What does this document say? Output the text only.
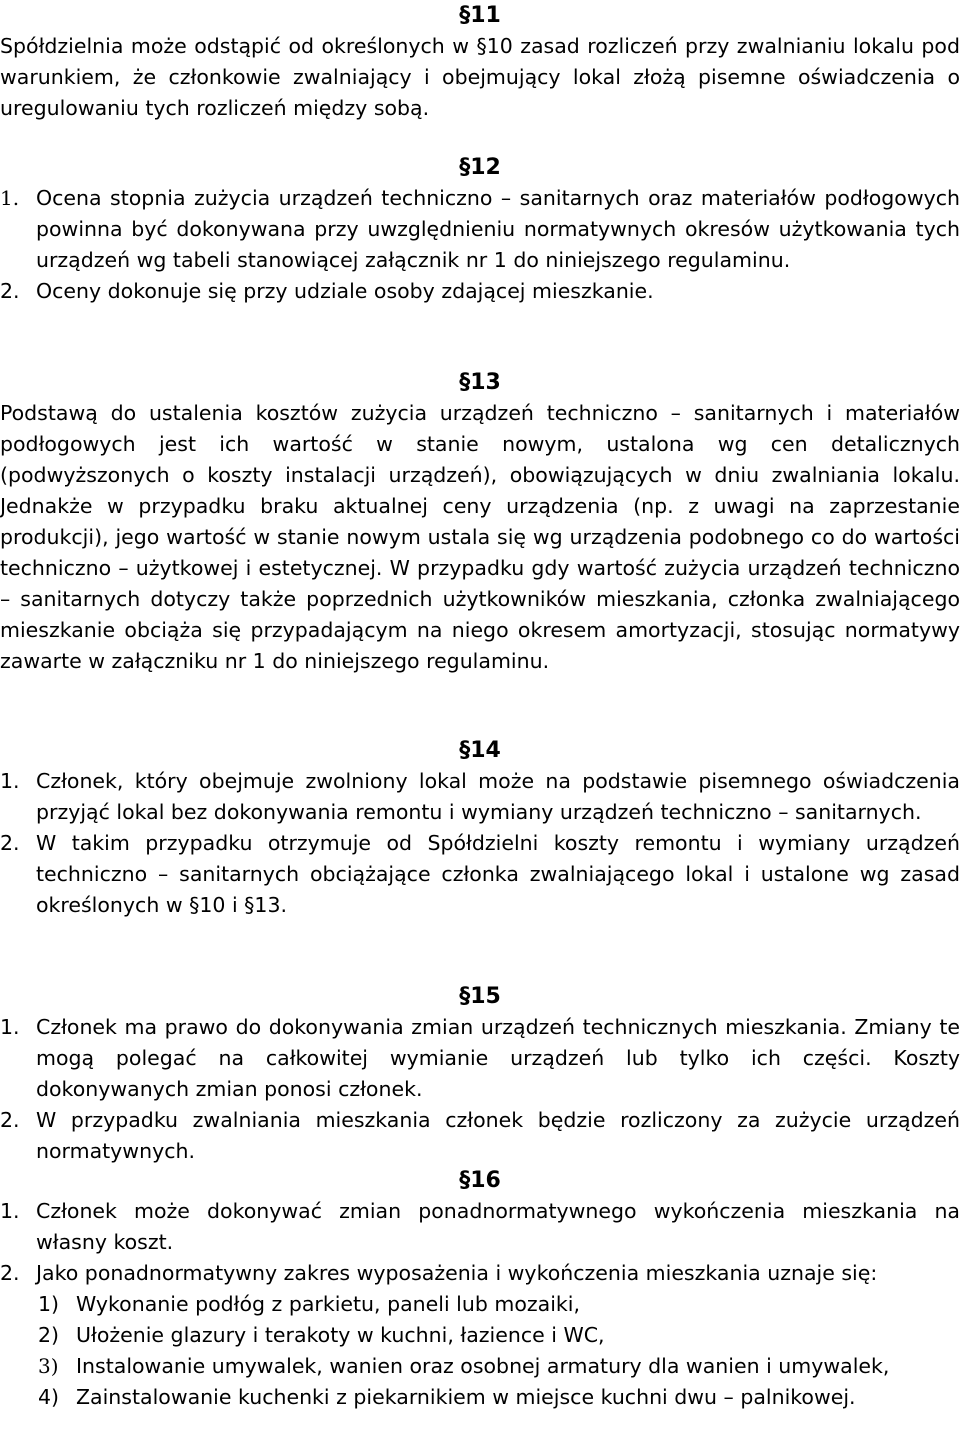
§11

Spółdzielnia może odstąpić od określonych w §10 zasad rozliczeń przy zwalnianiu lokalu pod warunkiem, że członkowie zwalniający i obejmujący lokal złożą pisemne oświadczenia o uregulowaniu tych rozliczeń między sobą.

§12
1. Ocena stopnia zużycia urządzeń techniczno – sanitarnych oraz materiałów podłogowych powinna być dokonywana przy uwzględnieniu normatywnych okresów użytkowania tych urządzeń wg tabeli stanowiącej załącznik nr 1 do niniejszego regulaminu.
2. Oceny dokonuje się przy udziale osoby zdającej mieszkanie.
§13

Podstawą do ustalenia kosztów zużycia urządzeń techniczno – sanitarnych i materiałów podłogowych jest ich wartość w stanie nowym, ustalona wg cen detalicznych (podwyższonych o koszty instalacji urządzeń), obowiązujących w dniu zwalniania lokalu. Jednakże w przypadku braku aktualnej ceny urządzenia (np. z uwagi na zaprzestanie produkcji), jego wartość w stanie nowym ustala się wg urządzenia podobnego co do wartości techniczno – użytkowej i estetycznej. W przypadku gdy wartość zużycia urządzeń techniczno – sanitarnych dotyczy także poprzednich użytkowników mieszkania, członka zwalniającego mieszkanie obciąża się przypadającym na niego okresem amortyzacji, stosując normatywy zawarte w załączniku nr 1 do niniejszego regulaminu.

§14
1. Członek, który obejmuje zwolniony lokal może na podstawie pisemnego oświadczenia przyjąć lokal bez dokonywania remontu i wymiany urządzeń techniczno – sanitarnych.
2. W takim przypadku otrzymuje od Spółdzielni koszty remontu i wymiany urządzeń techniczno – sanitarnych obciążające członka zwalniającego lokal i ustalone wg zasad określonych w §10 i §13.
§15
1. Członek ma prawo do dokonywania zmian urządzeń technicznych mieszkania. Zmiany te mogą polegać na całkowitej wymianie urządzeń lub tylko ich części. Koszty dokonywanych zmian ponosi członek.
2. W przypadku zwalniania mieszkania członek będzie rozliczony za zużycie urządzeń normatywnych.
§16
1. Członek może dokonywać zmian ponadnormatywnego wykończenia mieszkania na własny koszt.
2. Jako ponadnormatywny zakres wyposażenia i wykończenia mieszkania uznaje się:
1) Wykonanie podłóg z parkietu, paneli lub mozaiki,
2) Ułożenie glazury i terakoty w kuchni, łazience i WC,
3) Instalowanie umywalek, wanien oraz osobnej armatury dla wanien i umywalek,
4) Zainstalowanie kuchenki z piekarnikiem w miejsce kuchni dwu – palnikowej.
